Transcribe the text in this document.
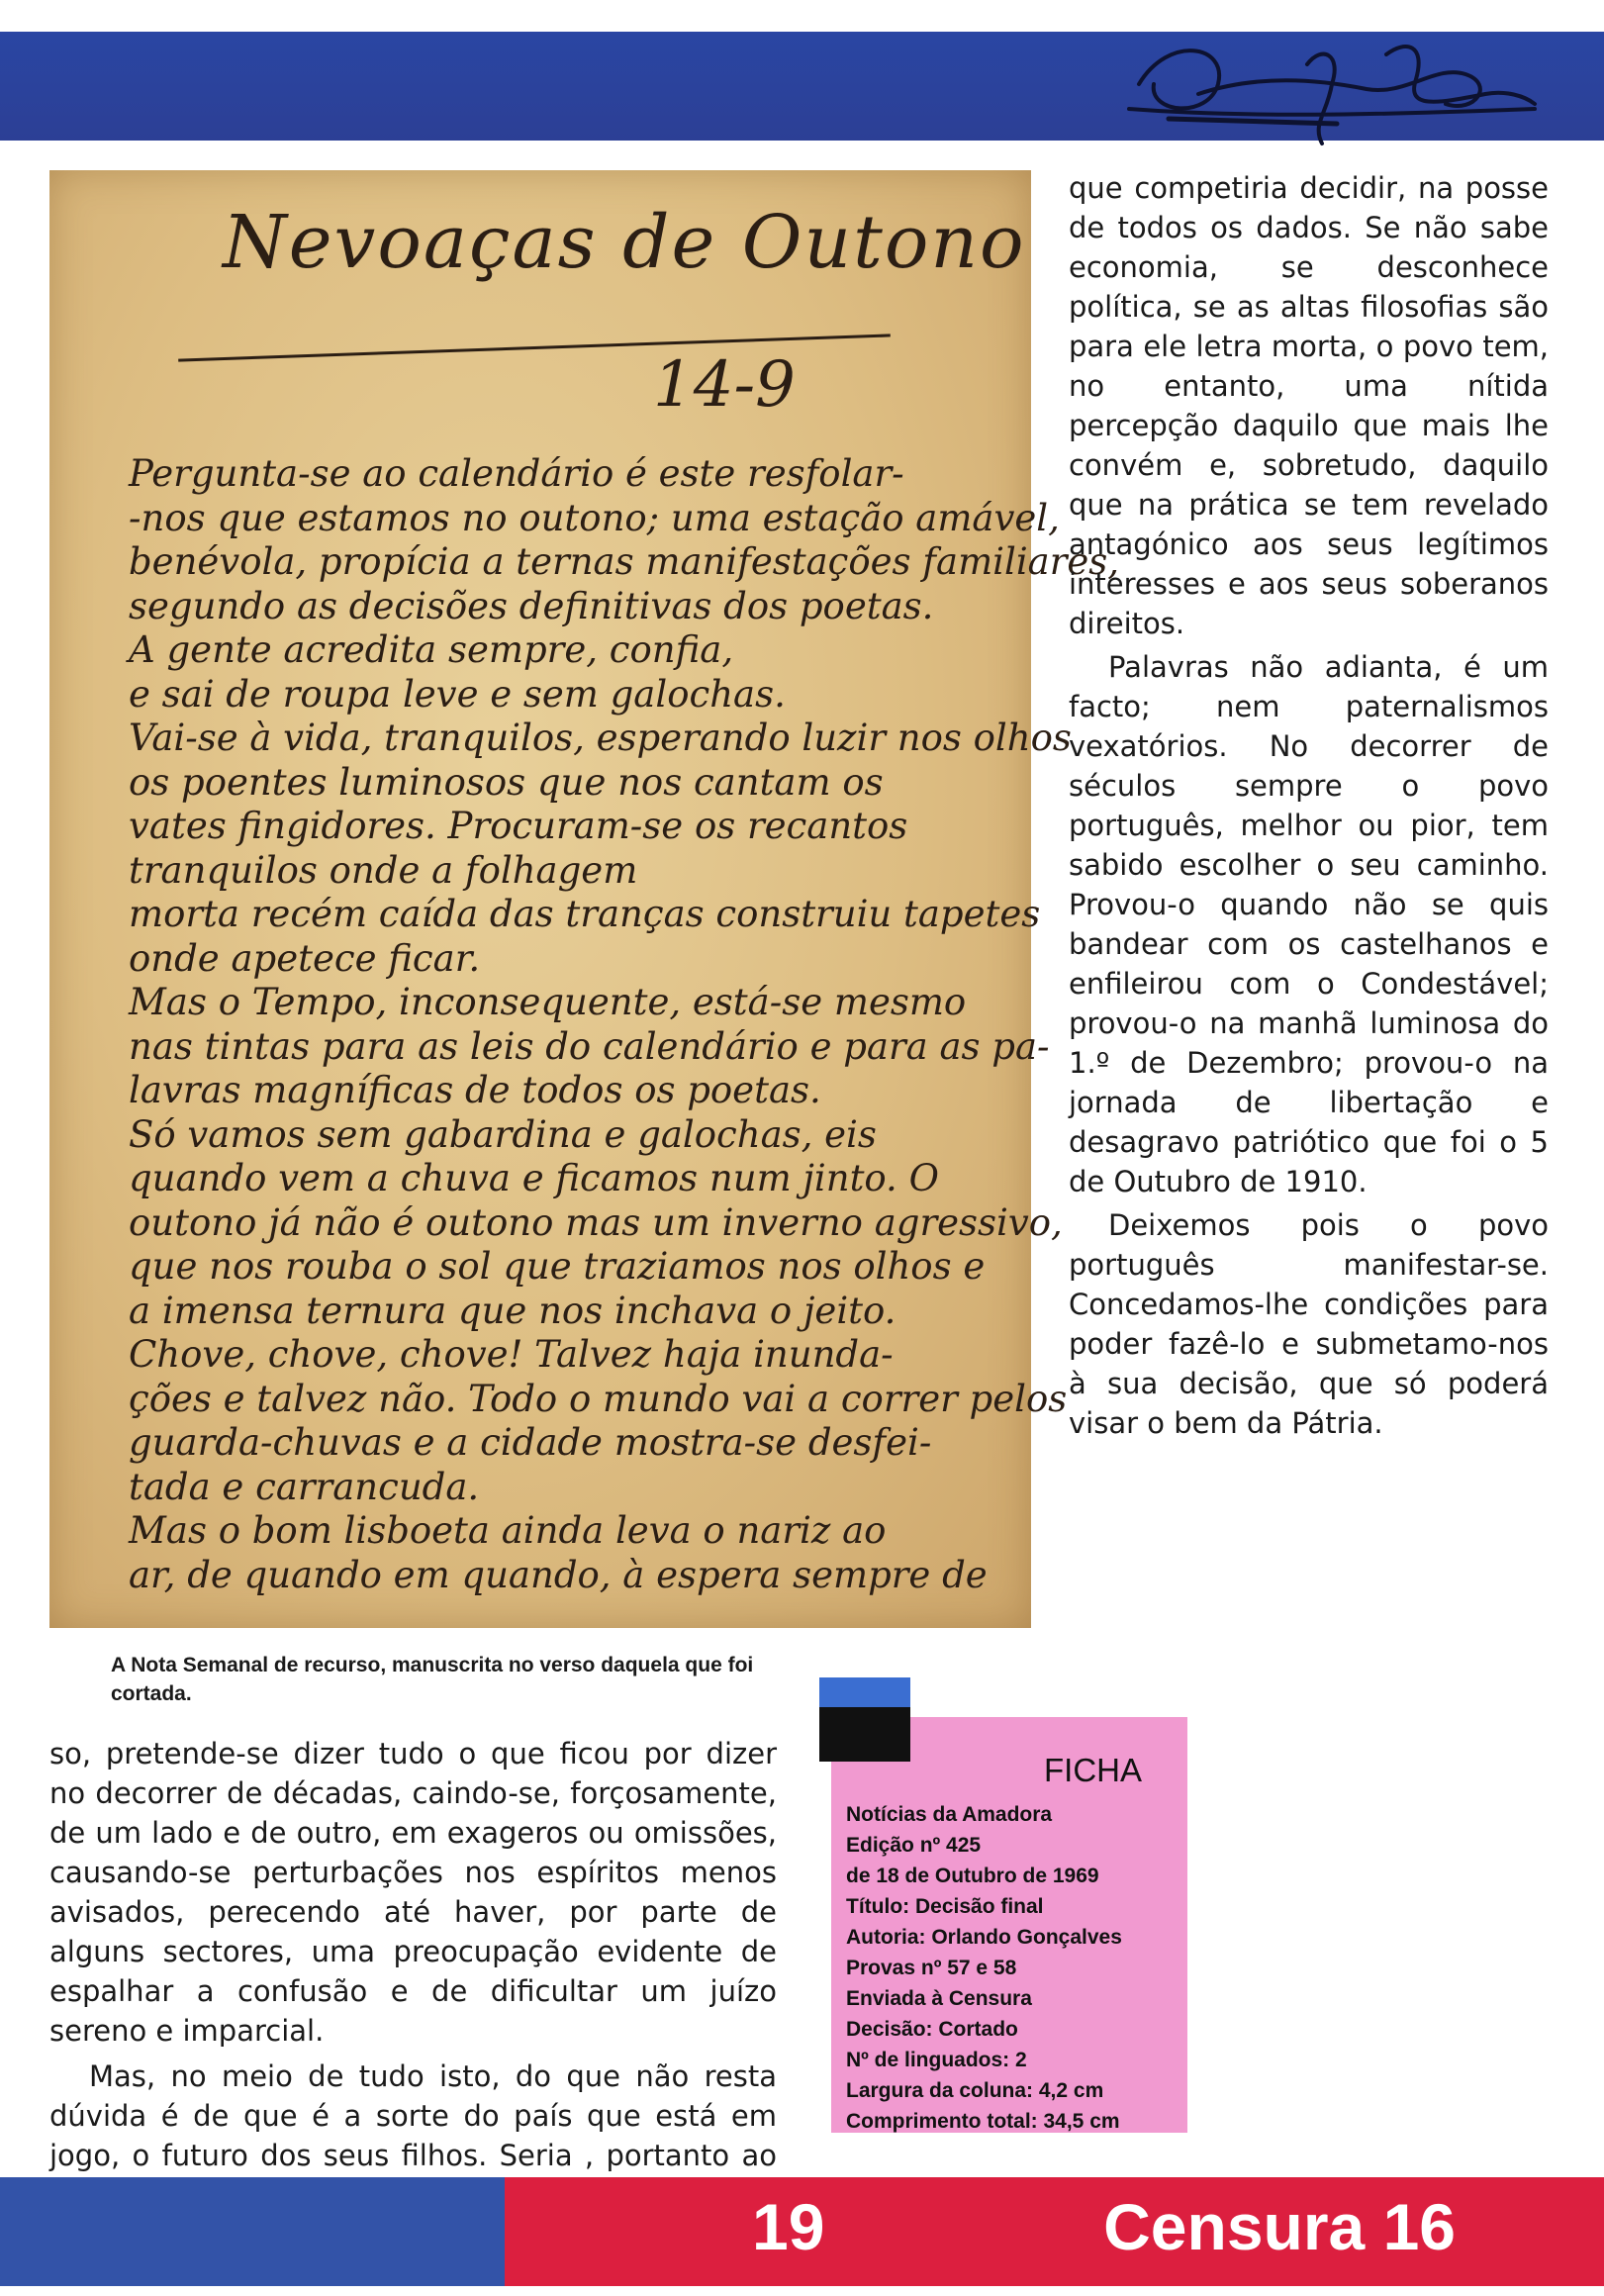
Nevoaças de Outono
14-9
Pergunta-se ao calendário é este resfolar-
-nos que estamos no outono; uma estação amável,
benévola, propícia a ternas manifestações familiares,
segundo as decisões definitivas dos poetas.
A gente acredita sempre, confia,
e sai de roupa leve e sem galochas.
Vai-se à vida, tranquilos, esperando luzir nos olhos
os poentes luminosos que nos cantam os
vates fingidores. Procuram-se os recantos
tranquilos onde a folhagem
morta recém caída das tranças construiu tapetes
onde apetece ficar.
Mas o Tempo, inconsequente, está-se mesmo
nas tintas para as leis do calendário e para as pa-
lavras magníficas de todos os poetas.
Só vamos sem gabardina e galochas, eis
quando vem a chuva e ficamos num jinto. O
outono já não é outono mas um inverno agressivo,
que nos rouba o sol que traziamos nos olhos e
a imensa ternura que nos inchava o jeito.
Chove, chove, chove! Talvez haja inunda-
ções e talvez não. Todo o mundo vai a correr pelos
guarda-chuvas e a cidade mostra-se desfei-
tada e carrancuda.
Mas o bom lisboeta ainda leva o nariz ao
ar, de quando em quando, à espera sempre de
A Nota Semanal de recurso, manuscrita no verso daquela que foi cortada.

que competiria decidir, na posse de todos os dados. Se não sabe economia, se desconhece política, se as altas filosofias são para ele letra morta, o povo tem, no entanto, uma nítida percepção daquilo que mais lhe convém e, sobretudo, daquilo que na prática se tem revelado antagónico aos seus legítimos interesses e aos seus soberanos direitos.

Palavras não adianta, é um facto; nem paternalismos vexatórios. No decorrer de séculos sempre o povo português, melhor ou pior, tem sabido escolher o seu caminho. Provou-o quando não se quis bandear com os castelhanos e enfileirou com o Condestável; provou-o na manhã luminosa do 1.º de Dezembro; provou-o na jornada de libertação e desagravo patriótico que foi o 5 de Outubro de 1910.

Deixemos pois o povo português manifestar-se. Concedamos-lhe condições para poder fazê-lo e submetamo-nos à sua decisão, que só poderá visar o bem da Pátria.

so, pretende-se dizer tudo o que ficou por dizer no decorrer de décadas, caindo-se, forçosamente, de um lado e de outro, em exageros ou omissões, causando-se perturbações nos espíritos menos avisados, perecendo até haver, por parte de alguns sectores, uma preocupação evidente de espalhar a confusão e de dificultar um juízo sereno e imparcial.

Mas, no meio de tudo isto, do que não resta dúvida é de que é a sorte do país que está em jogo, o futuro dos seus filhos. Seria , portanto ao

FICHA
Notícias da Amadora
Edição nº 425
de 18 de Outubro de 1969
Título: Decisão final
Autoria: Orlando Gonçalves
Provas nº 57 e 58
Enviada à Censura
Decisão: Cortado
Nº de linguados: 2
Largura da coluna: 4,2 cm
Comprimento total: 34,5 cm
19	Censura 16
